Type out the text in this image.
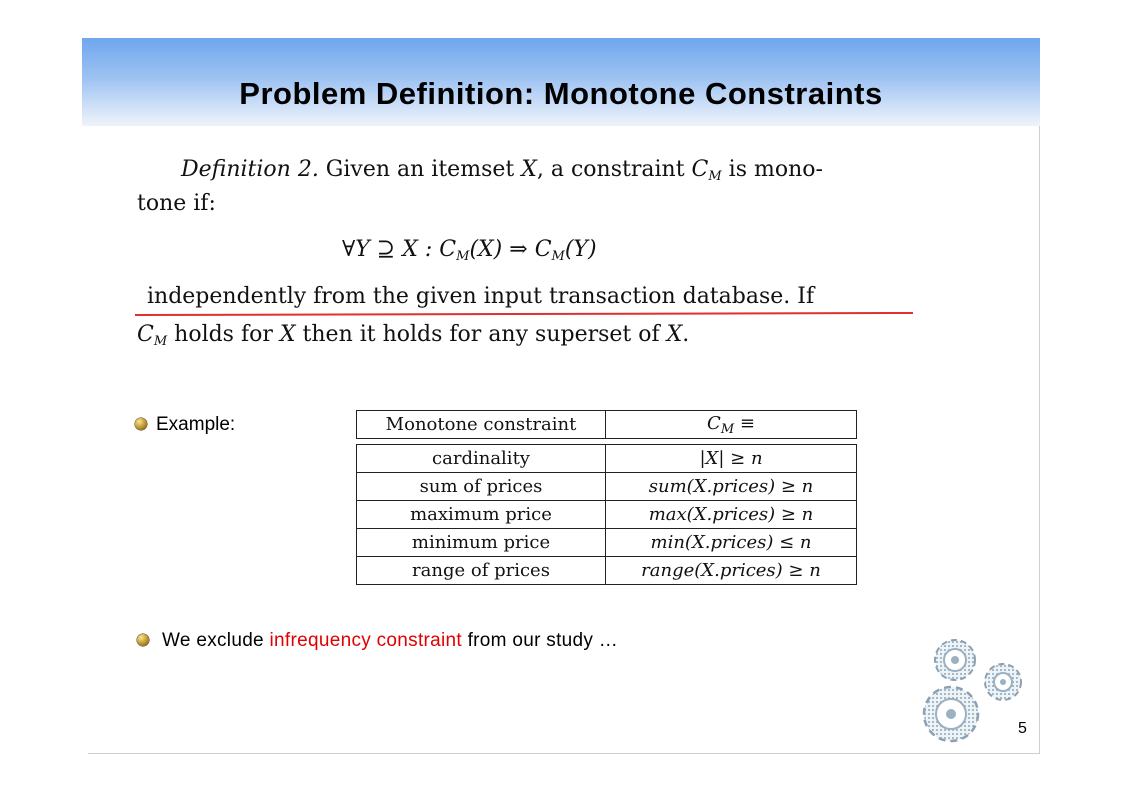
Problem Definition: Monotone Constraints
Definition 2. Given an itemset X, a constraint $C_M$ is mono-
tone if:
∀Y ⊇ X : $C_M(X)$ ⇒ $C_M(Y)$
independently from the given input transaction database. If
$C_M$ holds for X then it holds for any superset of X.
Example:	Monotone constraint	$C_M$ ≡
cardinality	|X| ≥ n
sum of prices	sum(X.prices) ≥ n
maximum price	max(X.prices) ≥ n
minimum price	min(X.prices) ≤ n
range of prices	range(X.prices) ≥ n
We exclude infrequency constraint from our study …
5
